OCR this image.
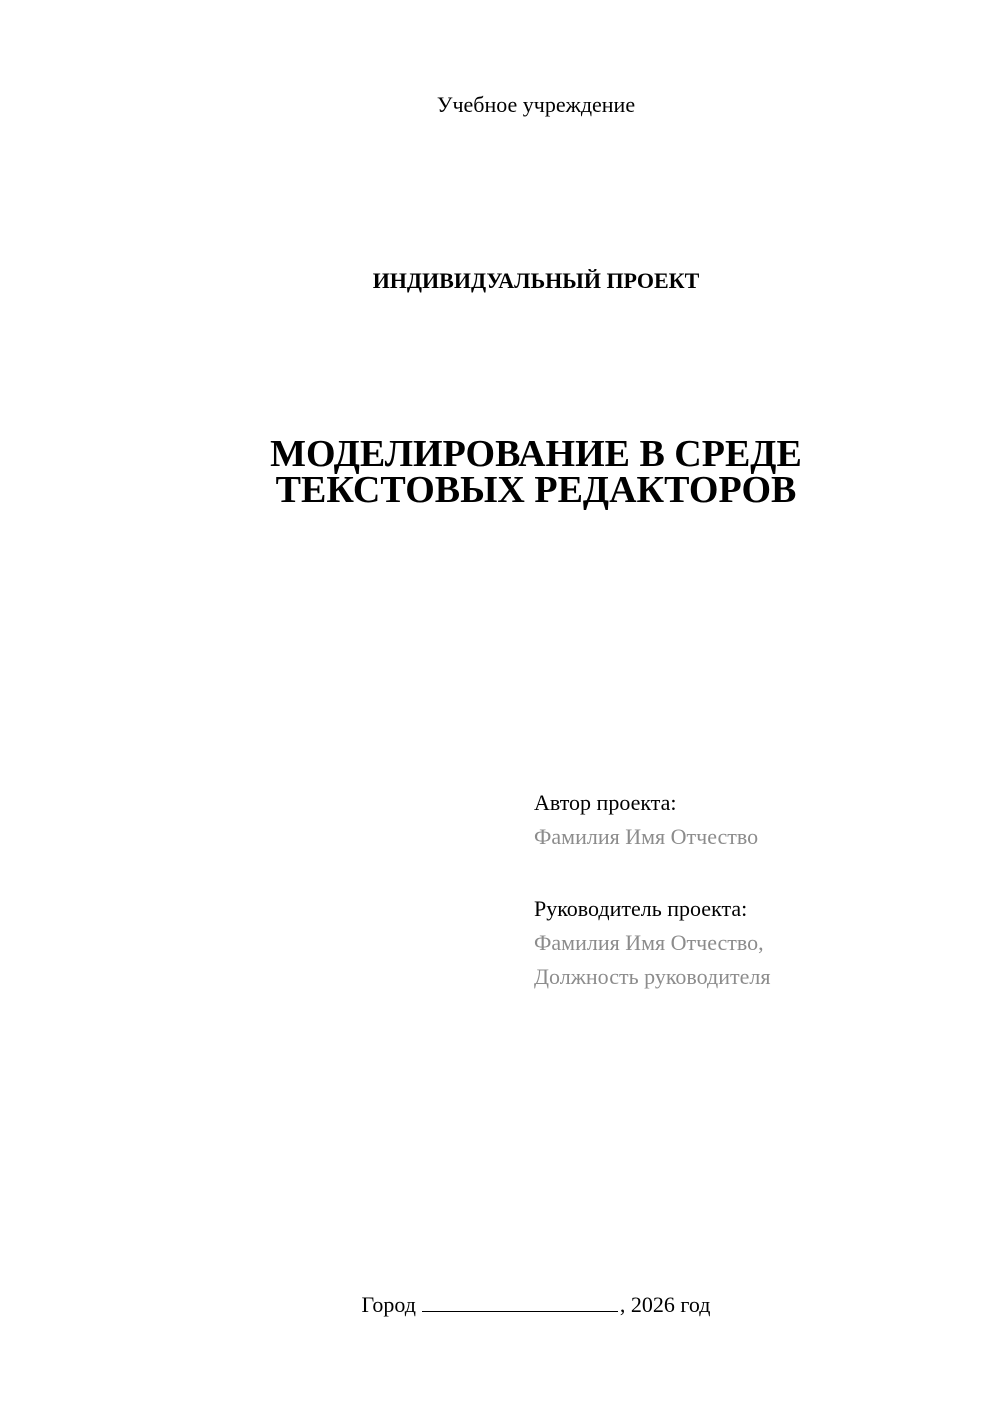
Учебное учреждение
ИНДИВИДУАЛЬНЫЙ ПРОЕКТ
МОДЕЛИРОВАНИЕ В СРЕДЕ
ТЕКСТОВЫХ РЕДАКТОРОВ
Автор проекта:
Фамилия Имя Отчество
Руководитель проекта:
Фамилия Имя Отчество,
Должность руководителя
Город	, 2026 год
